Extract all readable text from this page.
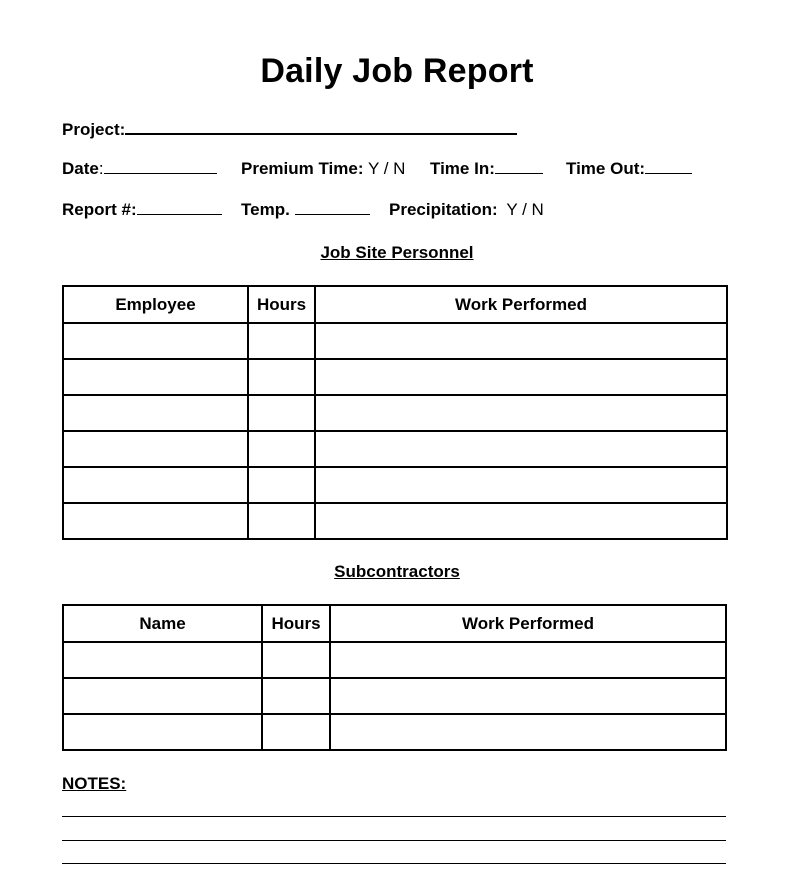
Daily Job Report
Project:
Date:	Premium Time: Y / N Time In:	Time Out:
Report #:	Temp.	Precipitation: Y / N
Job Site Personnel
Employee	Hours	Work Performed

Subcontractors
Name	Hours	Work Performed

NOTES:
